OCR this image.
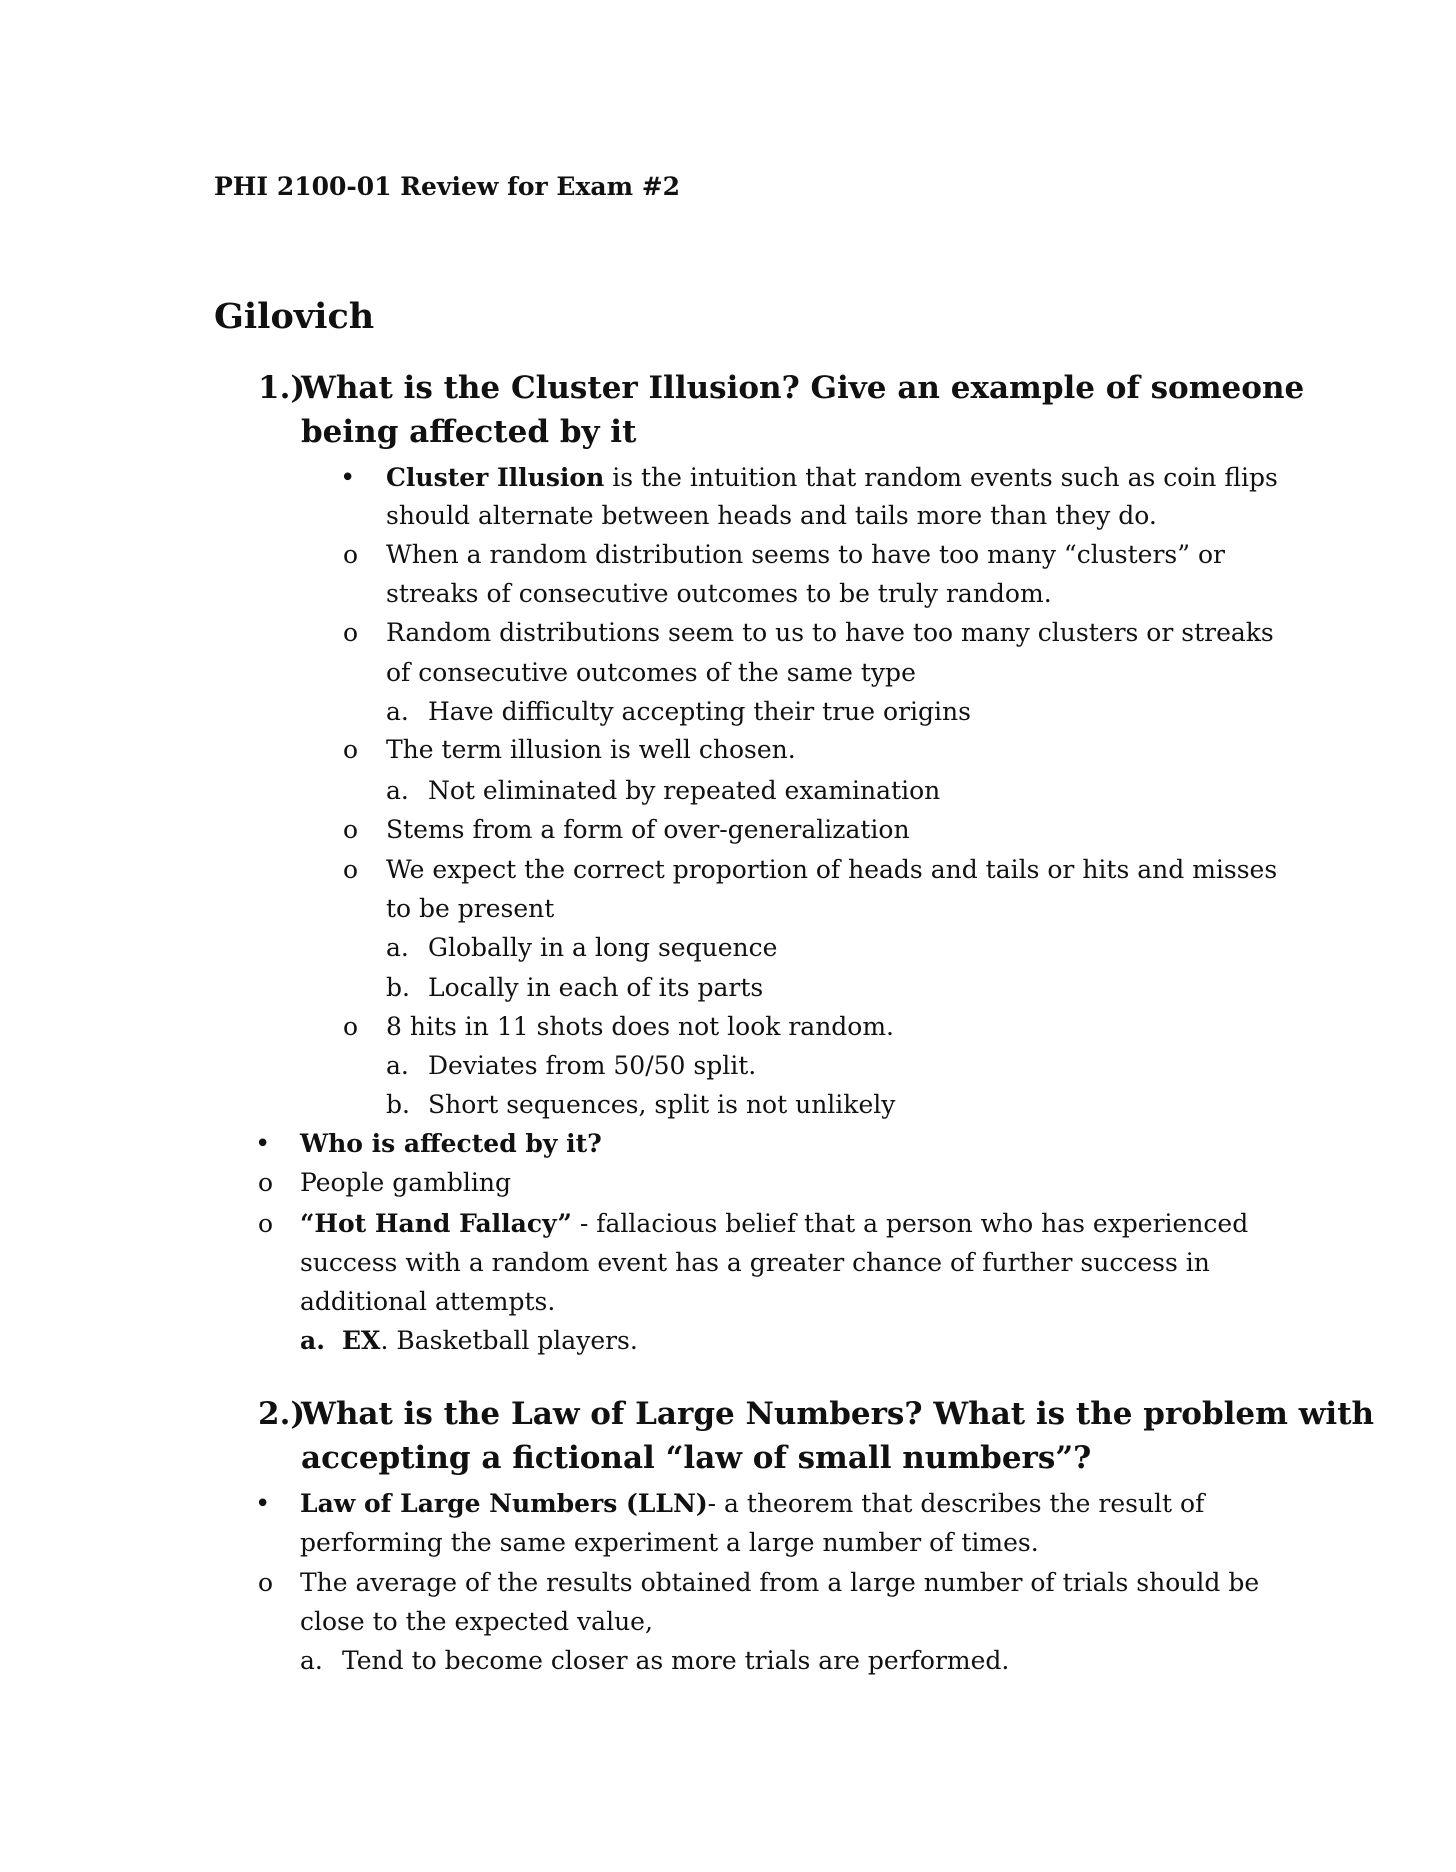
PHI 2100-01 Review for Exam #2
Gilovich
1.)
What is the Cluster Illusion? Give an example of someone
being affected by it
• Cluster Illusion is the intuition that random events such as coin flips
should alternate between heads and tails more than they do.
o When a random distribution seems to have too many “clusters” or
streaks of consecutive outcomes to be truly random.
o Random distributions seem to us to have too many clusters or streaks
of consecutive outcomes of the same type
a. Have difficulty accepting their true origins
o The term illusion is well chosen.
a. Not eliminated by repeated examination
o Stems from a form of over-generalization
o We expect the correct proportion of heads and tails or hits and misses
to be present
a. Globally in a long sequence
b. Locally in each of its parts
o 8 hits in 11 shots does not look random.
a. Deviates from 50/50 split.
b. Short sequences, split is not unlikely
• Who is affected by it?
o People gambling
o “Hot Hand Fallacy” - fallacious belief that a person who has experienced
success with a random event has a greater chance of further success in
additional attempts.
a. EX. Basketball players.
2.)
What is the Law of Large Numbers? What is the problem with
accepting a fictional “law of small numbers”?
• Law of Large Numbers (LLN)- a theorem that describes the result of
performing the same experiment a large number of times.
o The average of the results obtained from a large number of trials should be
close to the expected value,
a. Tend to become closer as more trials are performed.
